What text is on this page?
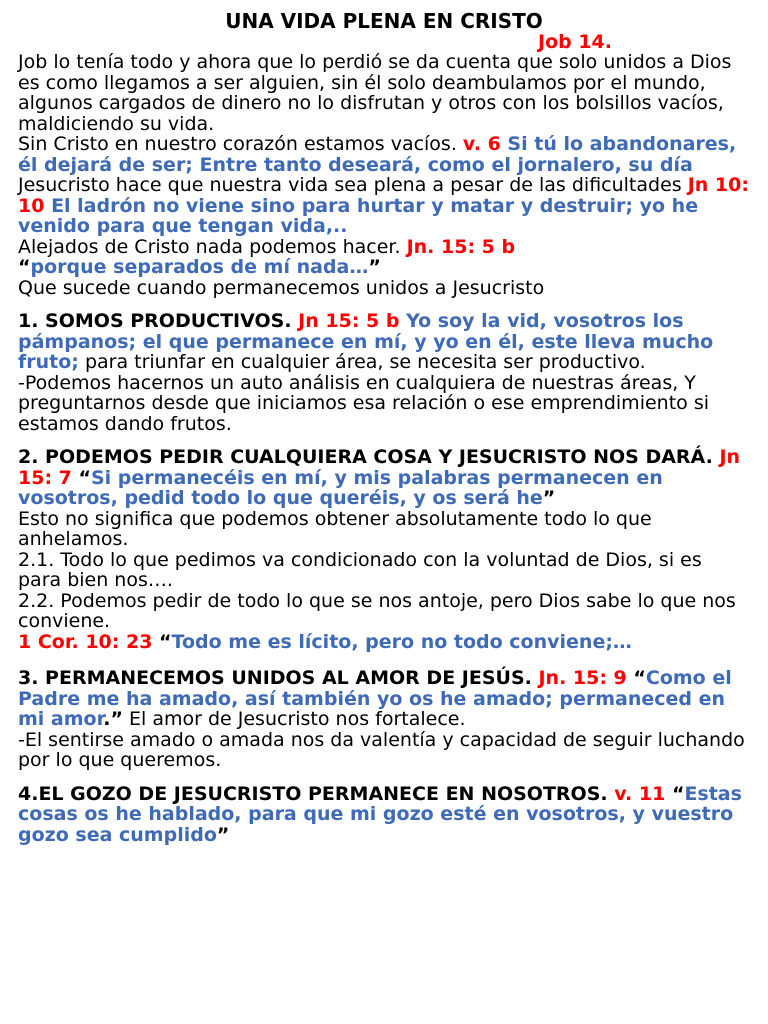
UNA VIDA PLENA EN CRISTO

Job 14.

Job lo tenía todo y ahora que lo perdió se da cuenta que solo unidos a Dios es como llegamos a ser alguien, sin él solo deambulamos por el mundo, algunos cargados de dinero no lo disfrutan y otros con los bolsillos vacíos, maldiciendo su vida.

Sin Cristo en nuestro corazón estamos vacíos. v. 6 Si tú lo abandonares, él dejará de ser; Entre tanto deseará, como el jornalero, su día

Jesucristo hace que nuestra vida sea plena a pesar de las dificultades Jn 10: 10 El ladrón no viene sino para hurtar y matar y destruir; yo he venido para que tengan vida,..

Alejados de Cristo nada podemos hacer. Jn. 15: 5 b
“porque separados de mí nada…”

Que sucede cuando permanecemos unidos a Jesucristo

1. SOMOS PRODUCTIVOS. Jn 15: 5 b Yo soy la vid, vosotros los pámpanos; el que permanece en mí, y yo en él, este lleva mucho fruto; para triunfar en cualquier área, se necesita ser productivo.

-Podemos hacernos un auto análisis en cualquiera de nuestras áreas, Y preguntarnos desde que iniciamos esa relación o ese emprendimiento si estamos dando frutos.

2. PODEMOS PEDIR CUALQUIERA COSA Y JESUCRISTO NOS DARÁ. Jn 15: 7 “Si permanecéis en mí, y mis palabras permanecen en vosotros, pedid todo lo que queréis, y os será he”

Esto no significa que podemos obtener absolutamente todo lo que anhelamos.

2.1. Todo lo que pedimos va condicionado con la voluntad de Dios, si es para bien nos….

2.2. Podemos pedir de todo lo que se nos antoje, pero Dios sabe lo que nos conviene.

1 Cor. 10: 23 “Todo me es lícito, pero no todo conviene;…

3. PERMANECEMOS UNIDOS AL AMOR DE JESÚS. Jn. 15: 9 “Como el Padre me ha amado, así también yo os he amado; permaneced en mi amor.” El amor de Jesucristo nos fortalece.

-El sentirse amado o amada nos da valentía y capacidad de seguir luchando por lo que queremos.

4.EL GOZO DE JESUCRISTO PERMANECE EN NOSOTROS. v. 11 “Estas cosas os he hablado, para que mi gozo esté en vosotros, y vuestro gozo sea cumplido”
